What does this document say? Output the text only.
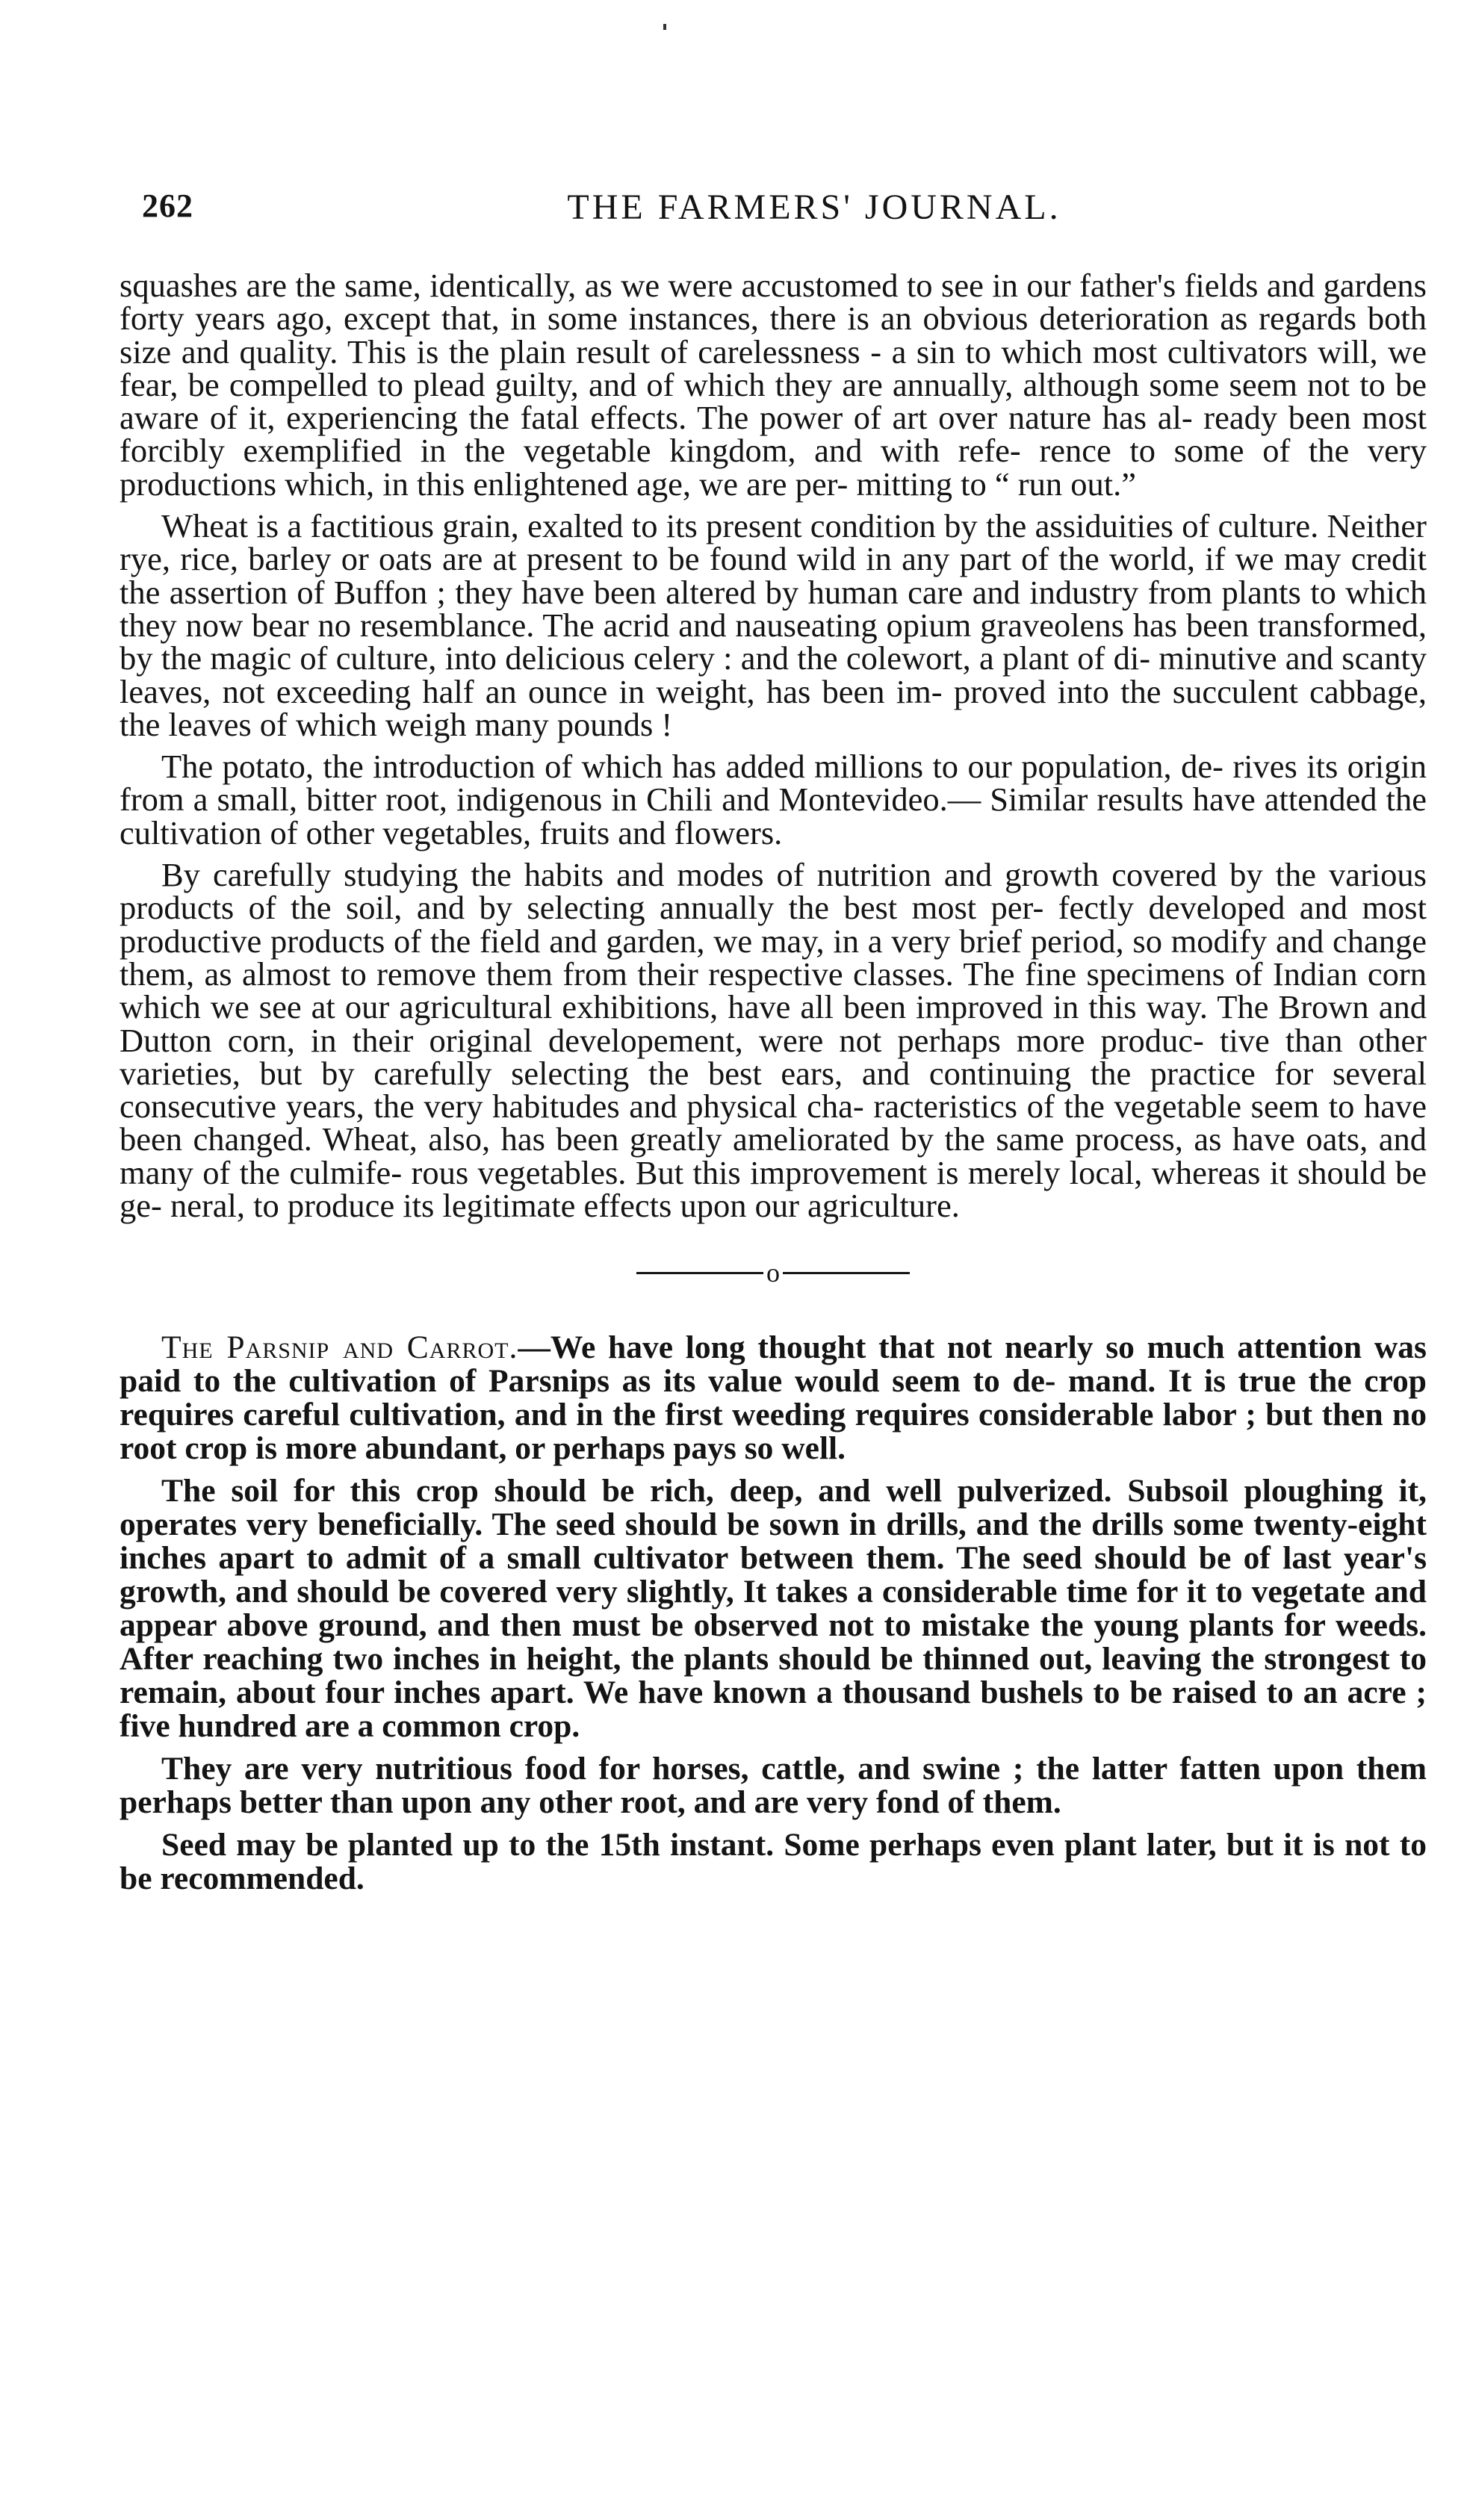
262	THE FARMERS' JOURNAL.

squashes are the same, identically, as we were accustomed to see in our father's fields and gardens forty years ago, except that, in some instances, there is an obvious deterioration as regards both size and quality. This is the plain result of carelessness - a sin to which most cultivators will, we fear, be compelled to plead guilty, and of which they are annually, although some seem not to be aware of it, experiencing the fatal effects. The power of art over nature has al- ready been most forcibly exemplified in the vegetable kingdom, and with refe- rence to some of the very productions which, in this enlightened age, we are per- mitting to “ run out.”

Wheat is a factitious grain, exalted to its present condition by the assiduities of culture. Neither rye, rice, barley or oats are at present to be found wild in any part of the world, if we may credit the assertion of Buffon ; they have been altered by human care and industry from plants to which they now bear no resemblance. The acrid and nauseating opium graveolens has been transformed, by the magic of culture, into delicious celery : and the colewort, a plant of di- minutive and scanty leaves, not exceeding half an ounce in weight, has been im- proved into the succulent cabbage, the leaves of which weigh many pounds !

The potato, the introduction of which has added millions to our population, de- rives its origin from a small, bitter root, indigenous in Chili and Montevideo.— Similar results have attended the cultivation of other vegetables, fruits and flowers.

By carefully studying the habits and modes of nutrition and growth covered by the various products of the soil, and by selecting annually the best most per- fectly developed and most productive products of the field and garden, we may, in a very brief period, so modify and change them, as almost to remove them from their respective classes. The fine specimens of Indian corn which we see at our agricultural exhibitions, have all been improved in this way. The Brown and Dutton corn, in their original developement, were not perhaps more produc- tive than other varieties, but by carefully selecting the best ears, and continuing the practice for several consecutive years, the very habitudes and physical cha- racteristics of the vegetable seem to have been changed. Wheat, also, has been greatly ameliorated by the same process, as have oats, and many of the culmife- rous vegetables. But this improvement is merely local, whereas it should be ge- neral, to produce its legitimate effects upon our agriculture.

o

The Parsnip and Carrot.—We have long thought that not nearly so much attention was paid to the cultivation of Parsnips as its value would seem to de- mand. It is true the crop requires careful cultivation, and in the first weeding requires considerable labor ; but then no root crop is more abundant, or perhaps pays so well.

The soil for this crop should be rich, deep, and well pulverized. Subsoil ploughing it, operates very beneficially. The seed should be sown in drills, and the drills some twenty-eight inches apart to admit of a small cultivator between them. The seed should be of last year's growth, and should be covered very slightly, It takes a considerable time for it to vegetate and appear above ground, and then must be observed not to mistake the young plants for weeds. After reaching two inches in height, the plants should be thinned out, leaving the strongest to remain, about four inches apart. We have known a thousand bushels to be raised to an acre ; five hundred are a common crop.

They are very nutritious food for horses, cattle, and swine ; the latter fatten upon them perhaps better than upon any other root, and are very fond of them.

Seed may be planted up to the 15th instant. Some perhaps even plant later, but it is not to be recommended.
